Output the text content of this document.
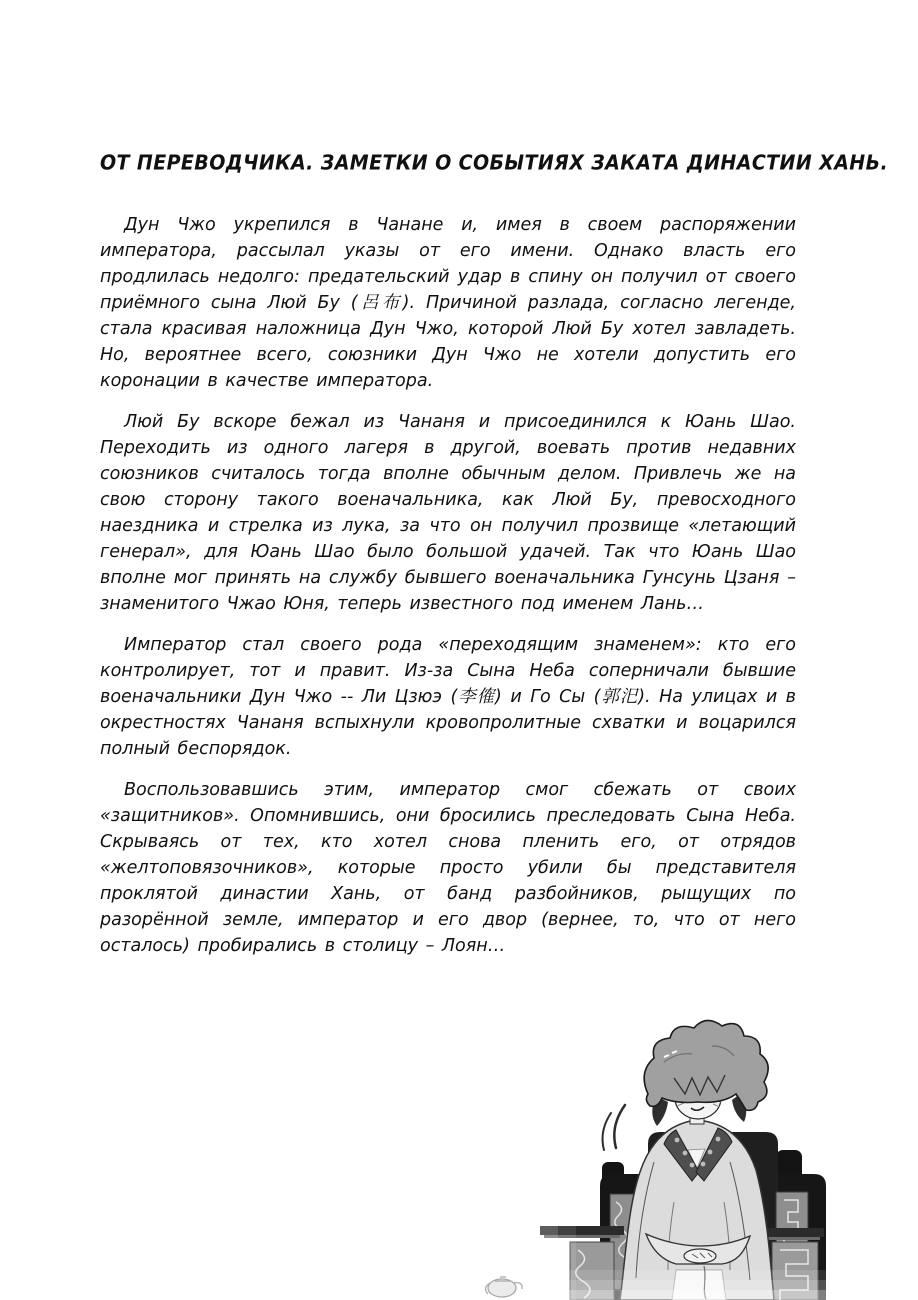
ОТ ПЕРЕВОДЧИКА. ЗАМЕТКИ О СОБЫТИЯХ ЗАКАТА ДИНАСТИИ ХАНЬ.

Дун Чжо укрепился в Чанане и, имея в своем распоряжении императора, рассылал указы от его имени. Однако власть его продлилась недолго: предательский удар в спину он получил от своего приёмного сына Люй Бу (呂布). Причиной разлада, согласно легенде, стала красивая наложница Дун Чжо, которой Люй Бу хотел завладеть. Но, вероятнее всего, союзники Дун Чжо не хотели допустить его коронации в качестве императора.

Люй Бу вскоре бежал из Чананя и присоединился к Юань Шао. Переходить из одного лагеря в другой, воевать против недавних союзников считалось тогда вполне обычным делом. Привлечь же на свою сторону такого военачальника, как Люй Бу, превосходного наездника и стрелка из лука, за что он получил прозвище «летающий генерал», для Юань Шао было большой удачей. Так что Юань Шао вполне мог принять на службу бывшего военачальника Гунсунь Цзаня – знаменитого Чжао Юня, теперь известного под именем Лань…

Император стал своего рода «переходящим знаменем»: кто его контролирует, тот и правит. Из-за Сына Неба соперничали бывшие военачальники Дун Чжо -- Ли Цзюэ (李傕) и Го Сы (郭汜). На улицах и в окрестностях Чананя вспыхнули кровопролитные схватки и воцарился полный беспорядок.

Воспользовавшись этим, император смог сбежать от своих «защитников». Опомнившись, они бросились преследовать Сына Неба. Скрываясь от тех, кто хотел снова пленить его, от отрядов «желтоповязочников», которые просто убили бы представителя проклятой династии Хань, от банд разбойников, рыщущих по разорённой земле, император и его двор (вернее, то, что от него осталось) пробирались в столицу – Лоян…
